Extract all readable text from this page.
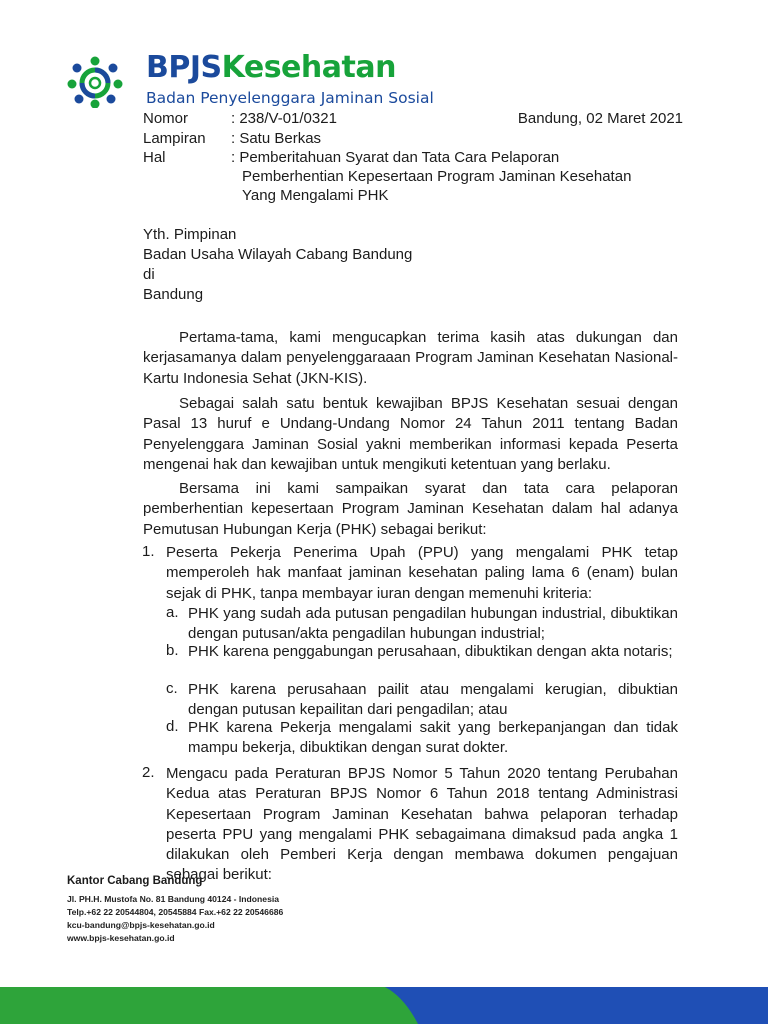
BPJSKesehatan
Badan Penyelenggara Jaminan Sosial
Nomor	: 238/V-01/0321	Bandung, 02 Maret 2021
Lampiran : Satu Berkas
Hal	: Pemberitahuan Syarat dan Tata Cara Pelaporan
Pemberhentian Kepesertaan Program Jaminan Kesehatan
Yang Mengalami PHK
Yth. Pimpinan
Badan Usaha Wilayah Cabang Bandung
di
Bandung

Pertama-tama, kami mengucapkan terima kasih atas dukungan dan kerjasamanya dalam penyelenggaraaan Program Jaminan Kesehatan Nasional-Kartu Indonesia Sehat (JKN-KIS).

Sebagai salah satu bentuk kewajiban BPJS Kesehatan sesuai dengan Pasal 13 huruf e Undang-Undang Nomor 24 Tahun 2011 tentang Badan Penyelenggara Jaminan Sosial yakni memberikan informasi kepada Peserta mengenai hak dan kewajiban untuk mengikuti ketentuan yang berlaku.

Bersama ini kami sampaikan syarat dan tata cara pelaporan pemberhentian kepesertaan Program Jaminan Kesehatan dalam hal adanya Pemutusan Hubungan Kerja (PHK) sebagai berikut:

1. Peserta Pekerja Penerima Upah (PPU) yang mengalami PHK tetap memperoleh hak manfaat jaminan kesehatan paling lama 6 (enam) bulan sejak di PHK, tanpa membayar iuran dengan memenuhi kriteria:

a. PHK yang sudah ada putusan pengadilan hubungan industrial, dibuktikan dengan putusan/akta pengadilan hubungan industrial;

b. PHK karena penggabungan perusahaan, dibuktikan dengan akta notaris;

c. PHK karena perusahaan pailit atau mengalami kerugian, dibuktian dengan putusan kepailitan dari pengadilan; atau

d. PHK karena Pekerja mengalami sakit yang berkepanjangan dan tidak mampu bekerja, dibuktikan dengan surat dokter.

2. Mengacu pada Peraturan BPJS Nomor 5 Tahun 2020 tentang Perubahan Kedua atas Peraturan BPJS Nomor 6 Tahun 2018 tentang Administrasi Kepesertaan Program Jaminan Kesehatan bahwa pelaporan terhadap peserta PPU yang mengalami PHK sebagaimana dimaksud pada angka 1 dilakukan oleh Pemberi Kerja dengan membawa dokumen pengajuan sebagai berikut:

Kantor Cabang Bandung
Jl. PH.H. Mustofa No. 81 Bandung 40124 - Indonesia
Telp.+62 22 20544804, 20545884 Fax.+62 22 20546686
kcu-bandung@bpjs-kesehatan.go.id
www.bpjs-kesehatan.go.id
